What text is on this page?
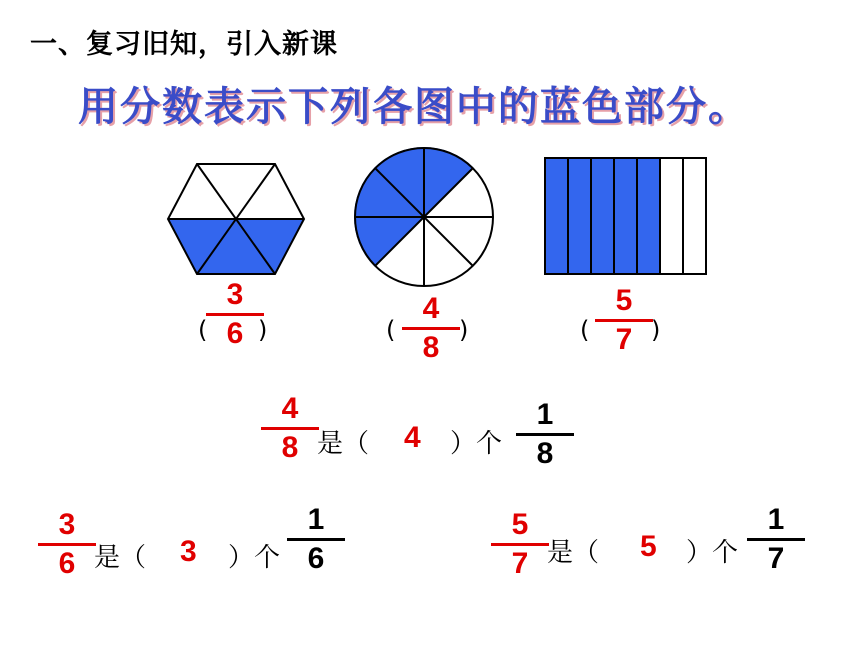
一、复习旧知，引入新课
用分数表示下列各图中的蓝色部分。
3
6
( )
4
8
(	)
5
7
(	)
4
8 是（ 4 ）个
1
8
3
6 是（ 3 ）个
1
6
5
7 是（ 5 ）个
1
7
